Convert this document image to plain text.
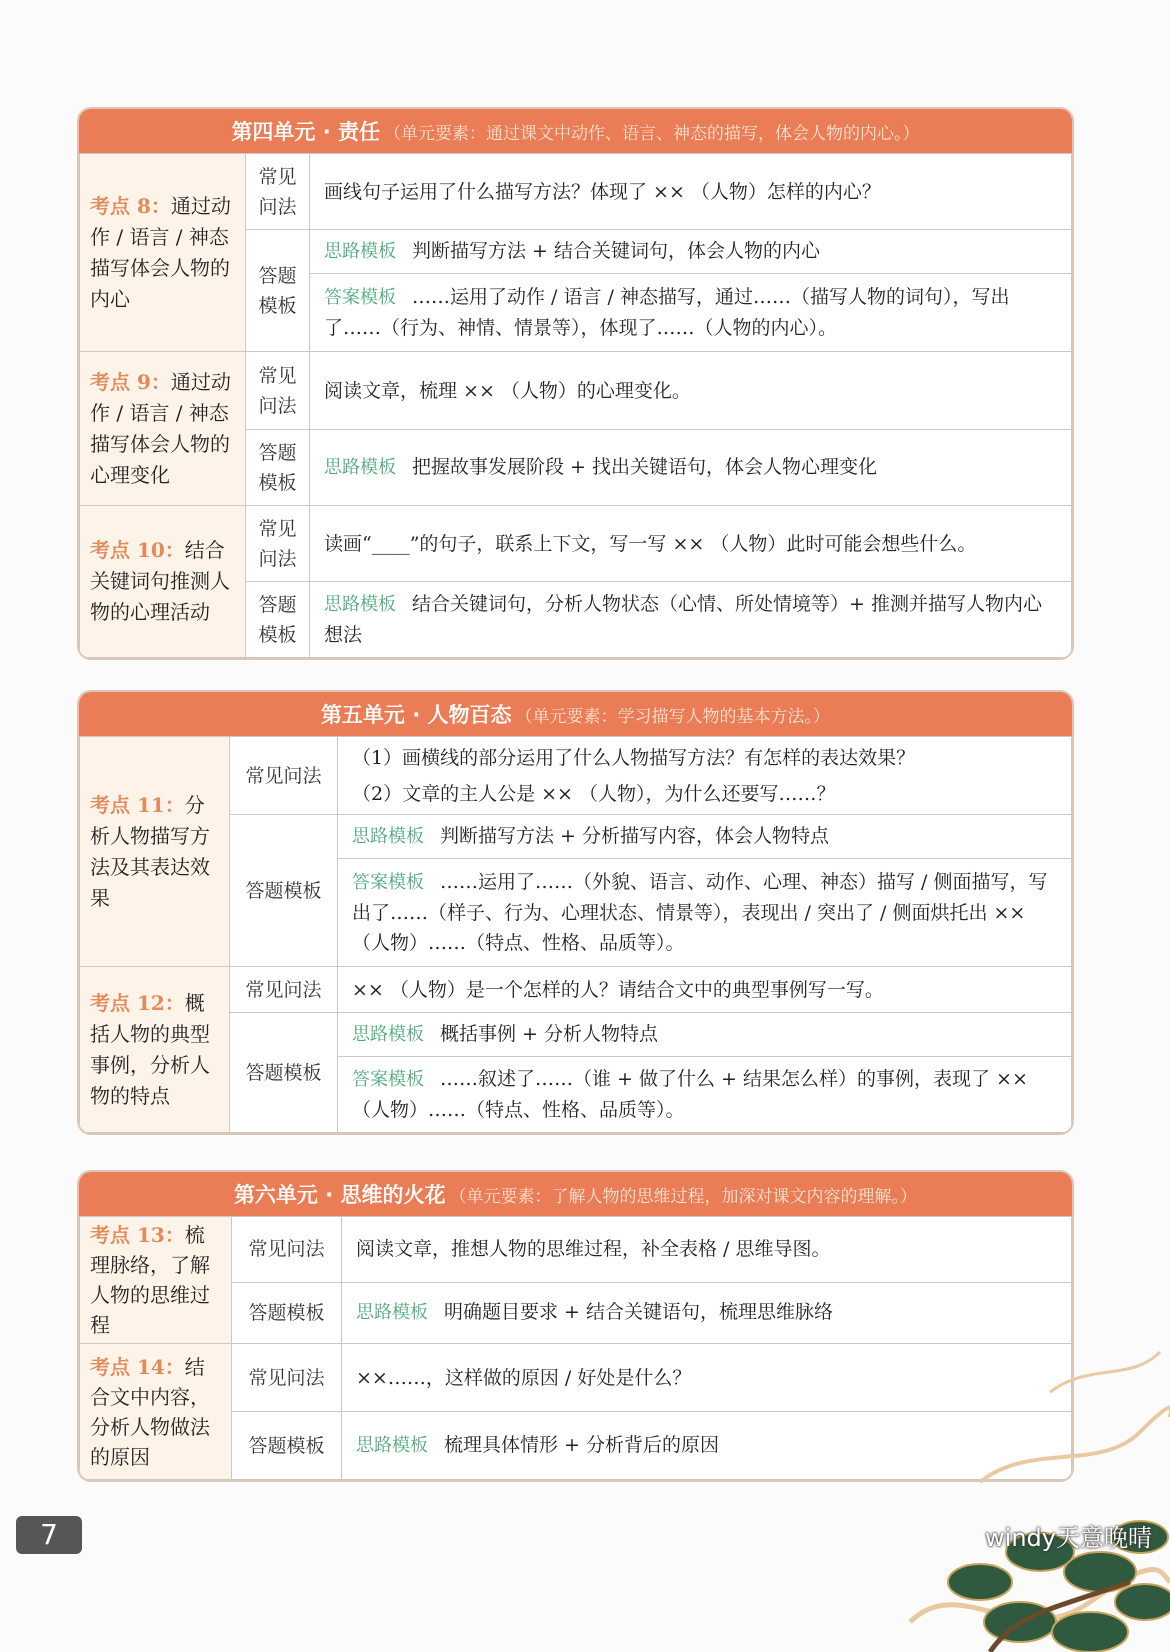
第四单元 · 责任 （单元要素：通过课文中动作、语言、神态的描写，体会人物的内心。）
考点 8：通过动作 / 语言 / 神态描写体会人物的内心	常见问法	画线句子运用了什么描写方法？体现了 ×× （人物）怎样的内心？
	答题模板	思路模板 判断描写方法 + 结合关键词句，体会人物的内心
		答案模板 ……运用了动作 / 语言 / 神态描写，通过……（描写人物的词句），写出了……（行为、神情、情景等），体现了……（人物的内心）。
考点 9：通过动作 / 语言 / 神态描写体会人物的心理变化	常见问法	阅读文章，梳理 ×× （人物）的心理变化。
	答题模板	思路模板 把握故事发展阶段 + 找出关键语句，体会人物心理变化
考点 10：结合关键词句推测人物的心理活动	常见问法	读画“____”的句子，联系上下文，写一写 ×× （人物）此时可能会想些什么。
	答题模板	思路模板 结合关键词句，分析人物状态（心情、所处情境等）+ 推测并描写人物内心想法
第五单元 · 人物百态 （单元要素：学习描写人物的基本方法。）
考点 11：分析人物描写方法及其表达效果	常见问法	（1）画横线的部分运用了什么人物描写方法？有怎样的表达效果？
（2）文章的主人公是 ×× （人物），为什么还要写……？

	答题模板	思路模板 判断描写方法 + 分析描写内容，体会人物特点
		答案模板 ……运用了……（外貌、语言、动作、心理、神态）描写 / 侧面描写，写出了……（样子、行为、心理状态、情景等），表现出 / 突出了 / 侧面烘托出 ×× （人物）……（特点、性格、品质等）。
考点 12：概括人物的典型事例，分析人物的特点	常见问法	×× （人物）是一个怎样的人？请结合文中的典型事例写一写。
	答题模板	思路模板 概括事例 + 分析人物特点
		答案模板 ……叙述了……（谁 + 做了什么 + 结果怎么样）的事例，表现了 ×× （人物）……（特点、性格、品质等）。
第六单元 · 思维的火花 （单元要素：了解人物的思维过程，加深对课文内容的理解。）
考点 13：梳理脉络，了解人物的思维过程	常见问法	阅读文章，推想人物的思维过程，补全表格 / 思维导图。
	答题模板	思路模板 明确题目要求 + 结合关键语句，梳理思维脉络
考点 14：结合文中内容，分析人物做法的原因	常见问法	××……，这样做的原因 / 好处是什么？
	答题模板	思路模板 梳理具体情形 + 分析背后的原因
7	windy天意晚晴
